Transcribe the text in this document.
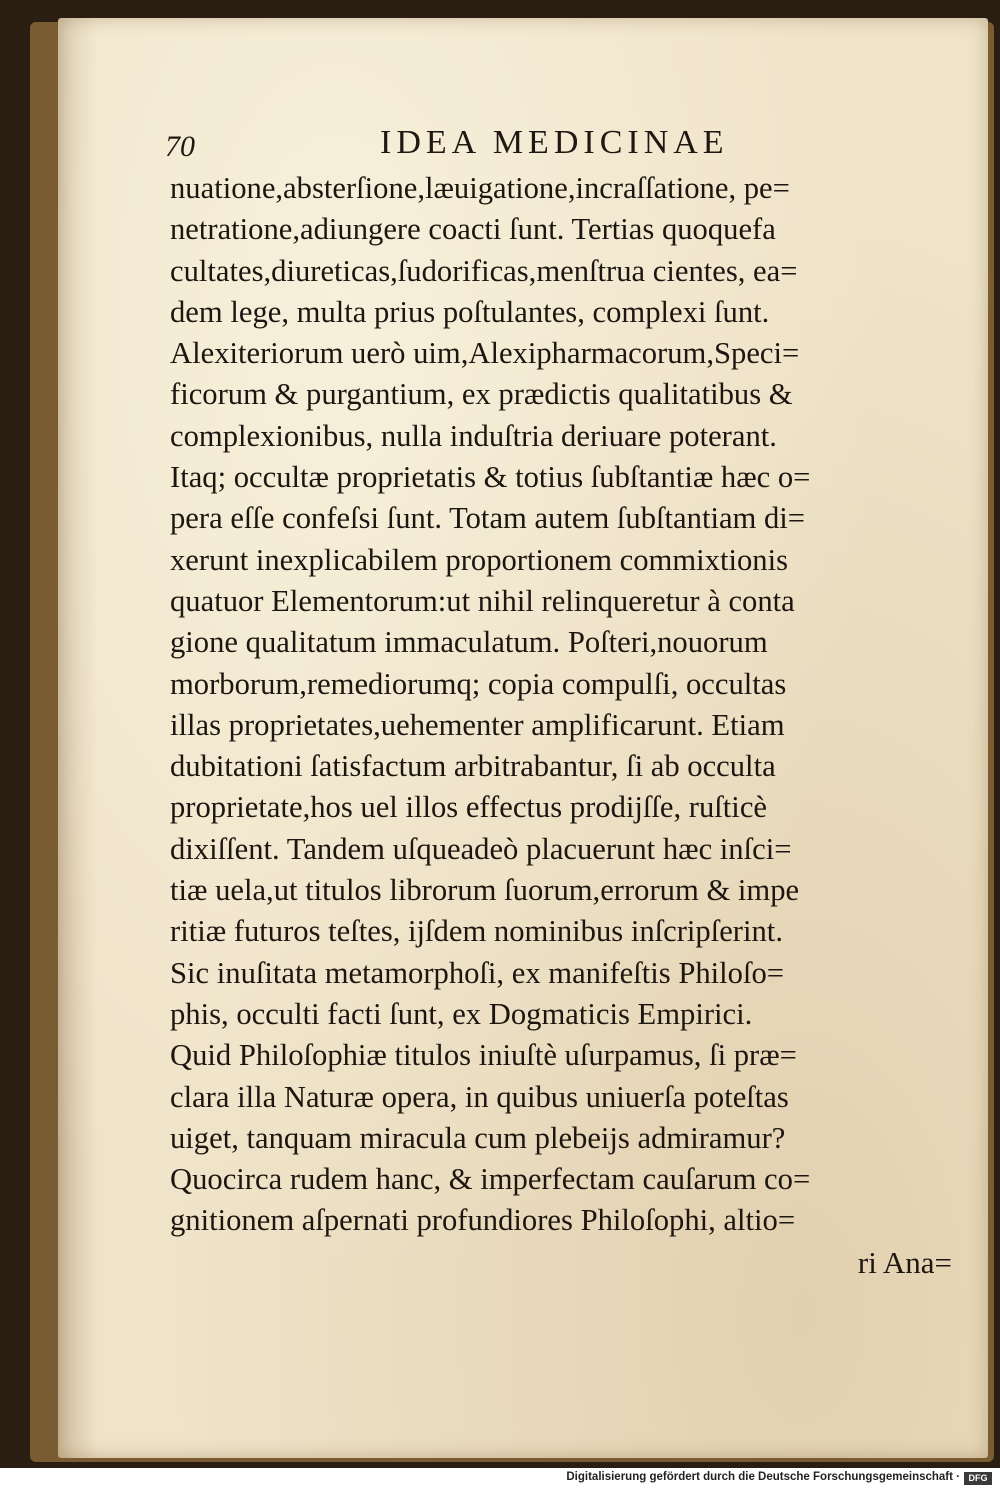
70	IDEA MEDICINAE
nuatione,absterſione,læuigatione,incraſſatione, pe=
netratione,adiungere coacti ſunt. Tertias quoquefa
cultates,diureticas,ſudorificas,menſtrua cientes, ea=
dem lege, multa prius poſtulantes, complexi ſunt.
Alexiteriorum uerò uim,Alexipharmacorum,Speci=
ficorum & purgantium, ex prædictis qualitatibus &
complexionibus, nulla induſtria deriuare poterant.
Itaq; occultæ proprietatis & totius ſubſtantiæ hæc o=
pera eſſe confeſsi ſunt. Totam autem ſubſtantiam di=
xerunt inexplicabilem proportionem commixtionis
quatuor Elementorum:ut nihil relinqueretur à conta
gione qualitatum immaculatum. Poſteri,nouorum
morborum,remediorumq; copia compulſi, occultas
illas proprietates,uehementer amplificarunt. Etiam
dubitationi ſatisfactum arbitrabantur, ſi ab occulta
proprietate,hos uel illos effectus prodijſſe, ruſticè
dixiſſent. Tandem uſqueadeò placuerunt hæc inſci=
tiæ uela,ut titulos librorum ſuorum,errorum & impe
ritiæ futuros teſtes, ijſdem nominibus inſcripſerint.
Sic inuſitata metamorphoſi, ex manifeſtis Philoſo=
phis, occulti facti ſunt, ex Dogmaticis Empirici.
Quid Philoſophiæ titulos iniuſtè uſurpamus, ſi præ=
clara illa Naturæ opera, in quibus uniuerſa poteſtas
uiget, tanquam miracula cum plebeijs admiramur?
Quocirca rudem hanc, & imperfectam cauſarum co=
gnitionem aſpernati profundiores Philoſophi, altio=
ri Ana=
Digitalisierung gefördert durch die Deutsche Forschungsgemeinschaft · DFG
